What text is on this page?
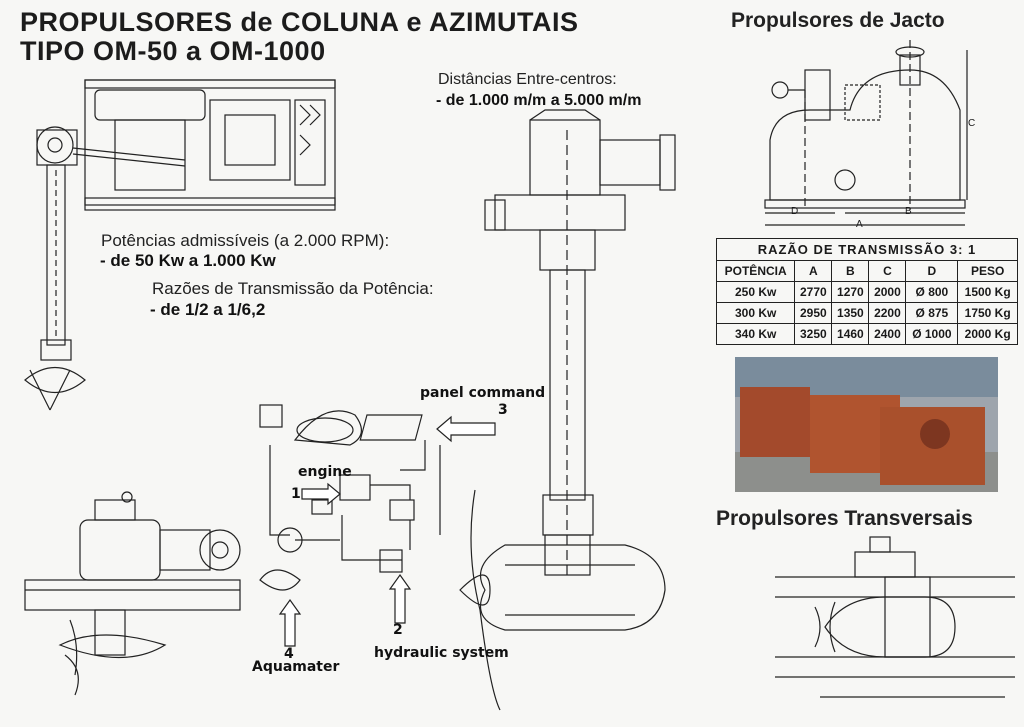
PROPULSORES de COLUNA e AZIMUTAIS
TIPO OM-50 a OM-1000
Propulsores de Jacto
Propulsores Transversais
Distâncias Entre-centros:
- de 1.000 m/m a 5.000 m/m
Potências admissíveis (a 2.000 RPM):
- de 50 Kw a 1.000 Kw
Razões de Transmissão da Potência:
- de 1/2 a 1/6,2
panel command
3
engine
1
2
hydraulic system
4
Aquamater
C
D	B
A
RAZÃO DE TRANSMISSÃO 3: 1
POTÊNCIA	A	B	C	D	PESO
250 Kw	2770	1270	2000	Ø 800	1500 Kg
300 Kw	2950	1350	2200	Ø 875	1750 Kg
340 Kw	3250	1460	2400	Ø 1000	2000 Kg
